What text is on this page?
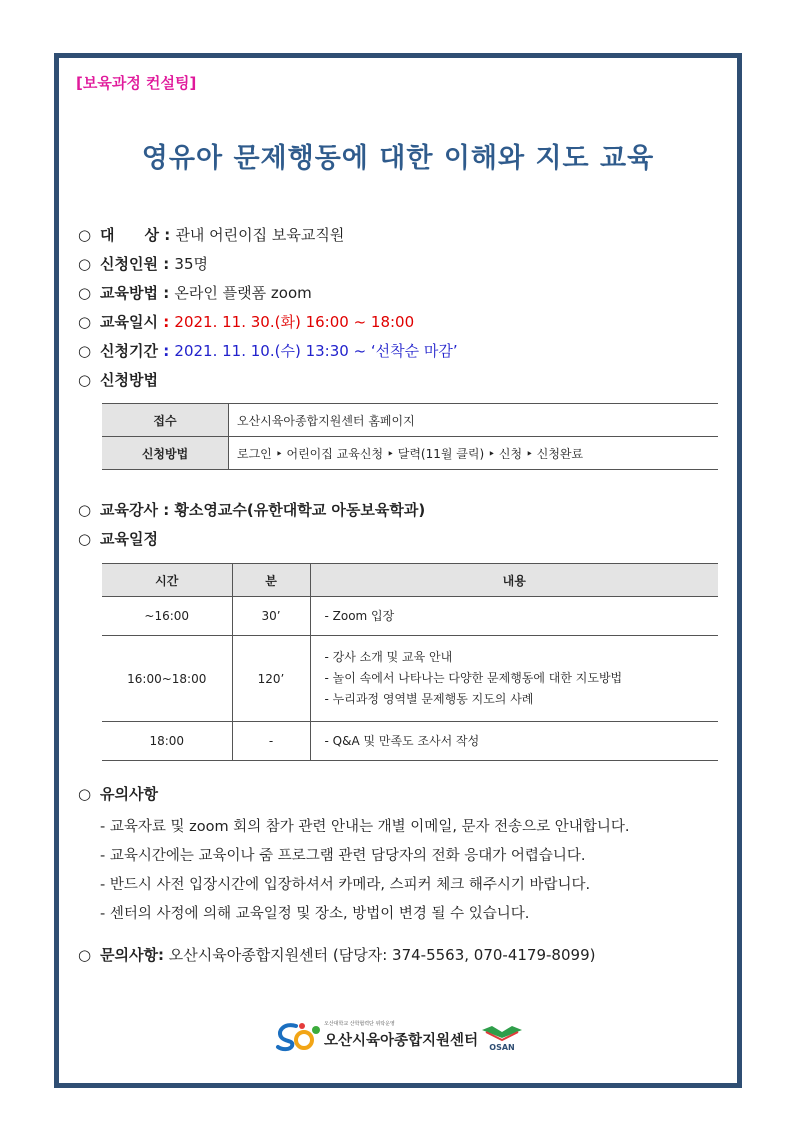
[보육과정 컨설팅]
영유아 문제행동에 대한 이해와 지도 교육
○ 대　　상 : 관내 어린이집 보육교직원
○ 신청인원 : 35명
○ 교육방법 : 온라인 플랫폼 zoom
○ 교육일시 : 2021. 11. 30.(화) 16:00 ~ 18:00
○ 신청기간 : 2021. 11. 10.(수) 13:30 ~ ‘선착순 마감’
○ 신청방법
접수	오산시육아종합지원센터 홈페이지
신청방법	로그인 ‣ 어린이집 교육신청 ‣ 달력(11월 클릭) ‣ 신청 ‣ 신청완료
○ 교육강사 : 황소영교수(유한대학교 아동보육학과)
○ 교육일정
시간	분	내용
~16:00	30’	- Zoom 입장

16:00~18:00	120’	- 강사 소개 및 교육 안내
- 놀이 속에서 나타나는 다양한 문제행동에 대한 지도방법
- 누리과정 영역별 문제행동 지도의 사례

18:00	-	- Q&A 및 만족도 조사서 작성
○ 유의사항
- 교육자료 및 zoom 회의 참가 관련 안내는 개별 이메일, 문자 전송으로 안내합니다.
- 교육시간에는 교육이나 줌 프로그램 관련 담당자의 전화 응대가 어렵습니다.
- 반드시 사전 입장시간에 입장하셔서 카메라, 스피커 체크 해주시기 바랍니다.
- 센터의 사정에 의해 교육일정 및 장소, 방법이 변경 될 수 있습니다.
○ 문의사항: 오산시육아종합지원센터 (담당자: 374-5563, 070-4179-8099)
오산대학교 산학협력단 위탁운영
오산시육아종합지원센터 OSAN
